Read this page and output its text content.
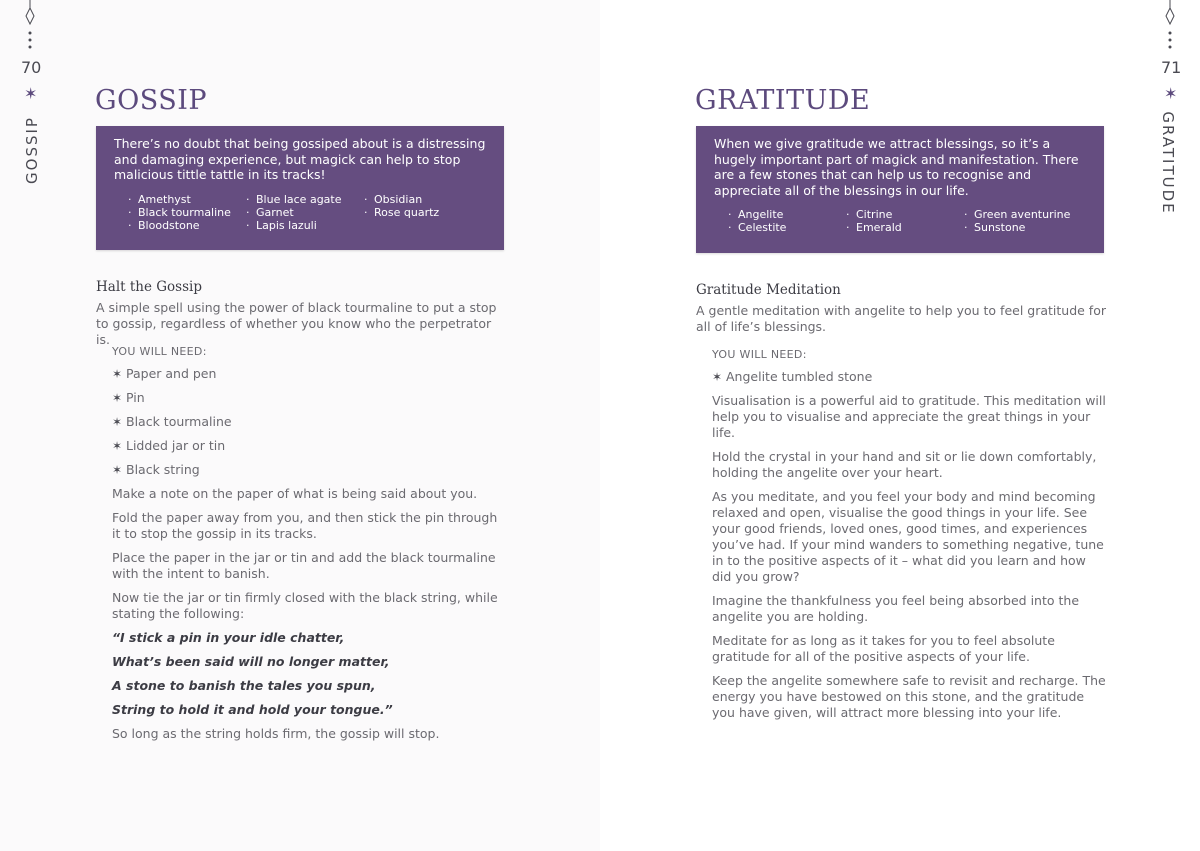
70
✶
GOSSIP
GOSSIP

There’s no doubt that being gossiped about is a distressing and damaging experience, but magick can help to stop malicious tittle tattle in its tracks!

· Amethyst
· Black tourmaline
· Bloodstone
· Blue lace agate
· Garnet
· Lapis lazuli
· Obsidian
· Rose quartz
Halt the Gossip
A simple spell using the power of black tourmaline to put a stop to gossip, regardless of whether you know who the perpetrator is.
YOU WILL NEED:
✶ Paper and pen
✶ Pin
✶ Black tourmaline
✶ Lidded jar or tin
✶ Black string
Make a note on the paper of what is being said about you.
Fold the paper away from you, and then stick the pin through it to stop the gossip in its tracks.
Place the paper in the jar or tin and add the black tourmaline with the intent to banish.
Now tie the jar or tin firmly closed with the black string, while stating the following:
“I stick a pin in your idle chatter,
What’s been said will no longer matter,
A stone to banish the tales you spun,
String to hold it and hold your tongue.”
So long as the string holds firm, the gossip will stop.
71
✶
GRATITUDE
GRATITUDE

When we give gratitude we attract blessings, so it’s a hugely important part of magick and manifestation. There are a few stones that can help us to recognise and appreciate all of the blessings in our life.

· Angelite
· Celestite
· Citrine
· Emerald
· Green aventurine
· Sunstone
Gratitude Meditation
A gentle meditation with angelite to help you to feel gratitude for all of life’s blessings.
YOU WILL NEED:
✶ Angelite tumbled stone
Visualisation is a powerful aid to gratitude. This meditation will help you to visualise and appreciate the great things in your life.
Hold the crystal in your hand and sit or lie down comfortably, holding the angelite over your heart.
As you meditate, and you feel your body and mind becoming relaxed and open, visualise the good things in your life. See your good friends, loved ones, good times, and experiences you’ve had. If your mind wanders to something negative, tune in to the positive aspects of it – what did you learn and how did you grow?
Imagine the thankfulness you feel being absorbed into the angelite you are holding.
Meditate for as long as it takes for you to feel absolute gratitude for all of the positive aspects of your life.
Keep the angelite somewhere safe to revisit and recharge. The energy you have bestowed on this stone, and the gratitude you have given, will attract more blessing into your life.
